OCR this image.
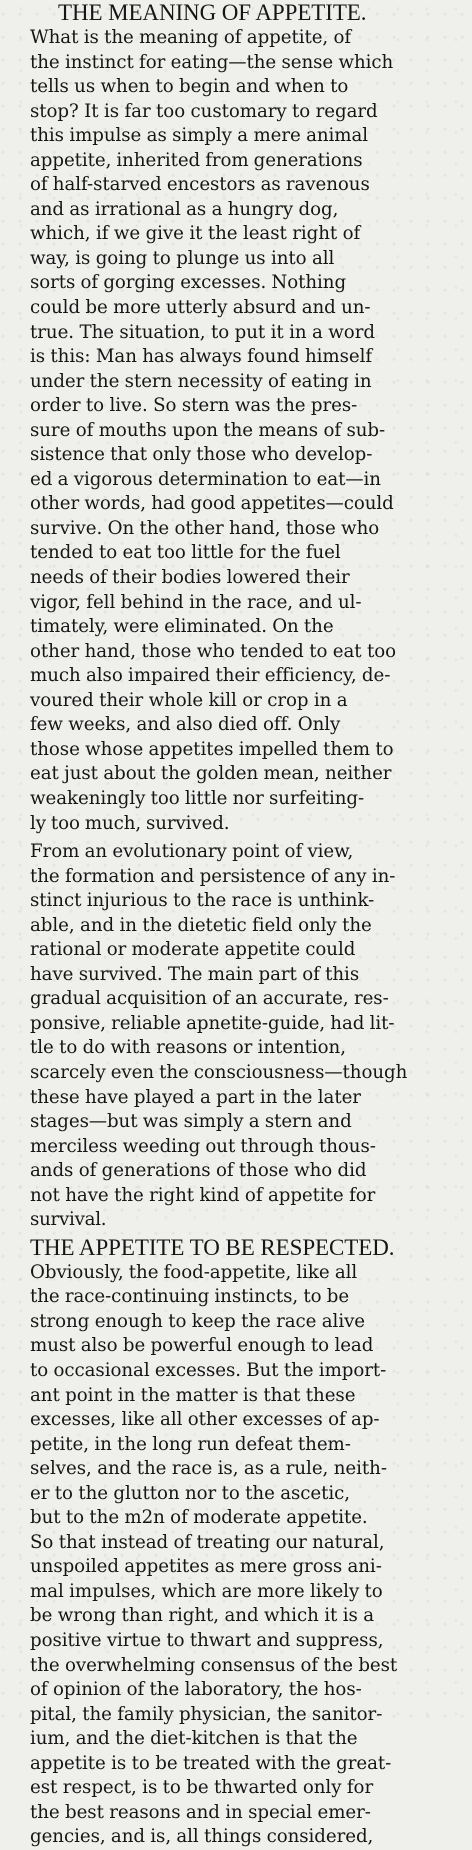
THE MEANING OF APPETITE.
What is the meaning of appetite, of
the instinct for eating—the sense which
tells us when to begin and when to
stop? It is far too customary to regard
this impulse as simply a mere animal
appetite, inherited from generations
of half-starved encestors as ravenous
and as irrational as a hungry dog,
which, if we give it the least right of
way, is going to plunge us into all
sorts of gorging excesses. Nothing
could be more utterly absurd and un-
true. The situation, to put it in a word
is this: Man has always found himself
under the stern necessity of eating in
order to live. So stern was the pres-
sure of mouths upon the means of sub-
sistence that only those who develop-
ed a vigorous determination to eat—in
other words, had good appetites—could
survive. On the other hand, those who
tended to eat too little for the fuel
needs of their bodies lowered their
vigor, fell behind in the race, and ul-
timately, were eliminated. On the
other hand, those who tended to eat too
much also impaired their efficiency, de-
voured their whole kill or crop in a
few weeks, and also died off. Only
those whose appetites impelled them to
eat just about the golden mean, neither
weakeningly too little nor surfeiting-
ly too much, survived.
From an evolutionary point of view,
the formation and persistence of any in-
stinct injurious to the race is unthink-
able, and in the dietetic field only the
rational or moderate appetite could
have survived. The main part of this
gradual acquisition of an accurate, res-
ponsive, reliable apnetite-guide, had lit-
tle to do with reasons or intention,
scarcely even the consciousness—though
these have played a part in the later
stages—but was simply a stern and
merciless weeding out through thous-
ands of generations of those who did
not have the right kind of appetite for
survival.
THE APPETITE TO BE RESPECTED.
Obviously, the food-appetite, like all
the race-continuing instincts, to be
strong enough to keep the race alive
must also be powerful enough to lead
to occasional excesses. But the import-
ant point in the matter is that these
excesses, like all other excesses of ap-
petite, in the long run defeat them-
selves, and the race is, as a rule, neith-
er to the glutton nor to the ascetic,
but to the m2n of moderate appetite.
So that instead of treating our natural,
unspoiled appetites as mere gross ani-
mal impulses, which are more likely to
be wrong than right, and which it is a
positive virtue to thwart and suppress,
the overwhelming consensus of the best
of opinion of the laboratory, the hos-
pital, the family physician, the sanitor-
ium, and the diet-kitchen is that the
appetite is to be treated with the great-
est respect, is to be thwarted only for
the best reasons and in special emer-
gencies, and is, all things considered,
